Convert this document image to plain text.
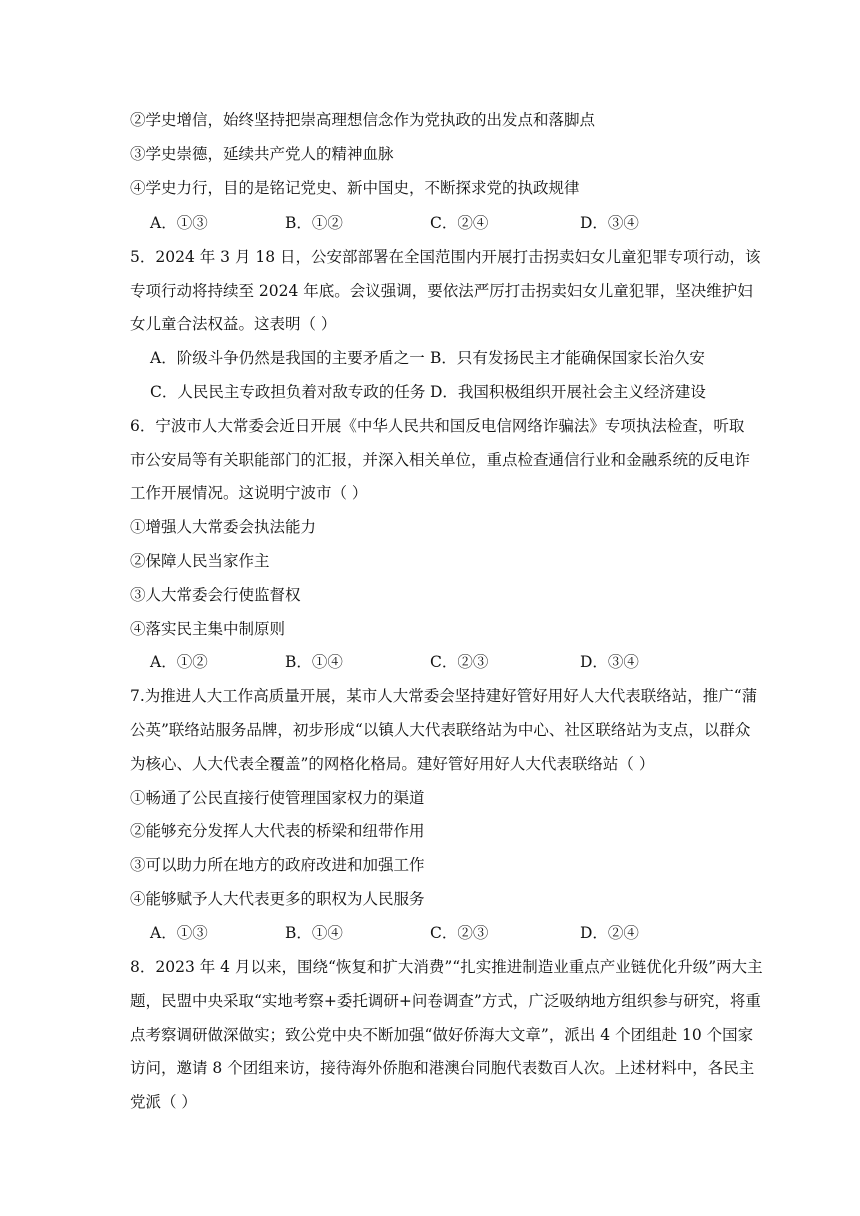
②学史增信，始终坚持把崇高理想信念作为党执政的出发点和落脚点
③学史崇德，延续共产党人的精神血脉
④学史力行，目的是铭记党史、新中国史，不断探求党的执政规律
A．①③	B．①②	C．②④	D．③④
5．2024 年 3 月 18 日，公安部部署在全国范围内开展打击拐卖妇女儿童犯罪专项行动，该
专项行动将持续至 2024 年底。会议强调，要依法严厉打击拐卖妇女儿童犯罪，坚决维护妇
女儿童合法权益。这表明（ ）
A．阶级斗争仍然是我国的主要矛盾之一 B．只有发扬民主才能确保国家长治久安
C．人民民主专政担负着对敌专政的任务 D．我国积极组织开展社会主义经济建设
6．宁波市人大常委会近日开展《中华人民共和国反电信网络诈骗法》专项执法检查，听取
市公安局等有关职能部门的汇报，并深入相关单位，重点检查通信行业和金融系统的反电诈
工作开展情况。这说明宁波市（ ）
①增强人大常委会执法能力
②保障人民当家作主
③人大常委会行使监督权
④落实民主集中制原则
A．①②	B．①④	C．②③	D．③④
7.为推进人大工作高质量开展，某市人大常委会坚持建好管好用好人大代表联络站，推广“蒲
公英”联络站服务品牌，初步形成“以镇人大代表联络站为中心、社区联络站为支点，以群众
为核心、人大代表全覆盖”的网格化格局。建好管好用好人大代表联络站（ ）
①畅通了公民直接行使管理国家权力的渠道
②能够充分发挥人大代表的桥梁和纽带作用
③可以助力所在地方的政府改进和加强工作
④能够赋予人大代表更多的职权为人民服务
A．①③	B．①④	C．②③	D．②④
8．2023 年 4 月以来，围绕“恢复和扩大消费”“扎实推进制造业重点产业链优化升级”两大主
题，民盟中央采取“实地考察+委托调研+问卷调查”方式，广泛吸纳地方组织参与研究，将重
点考察调研做深做实；致公党中央不断加强“做好侨海大文章”，派出 4 个团组赴 10 个国家
访问，邀请 8 个团组来访，接待海外侨胞和港澳台同胞代表数百人次。上述材料中，各民主
党派（ ）
